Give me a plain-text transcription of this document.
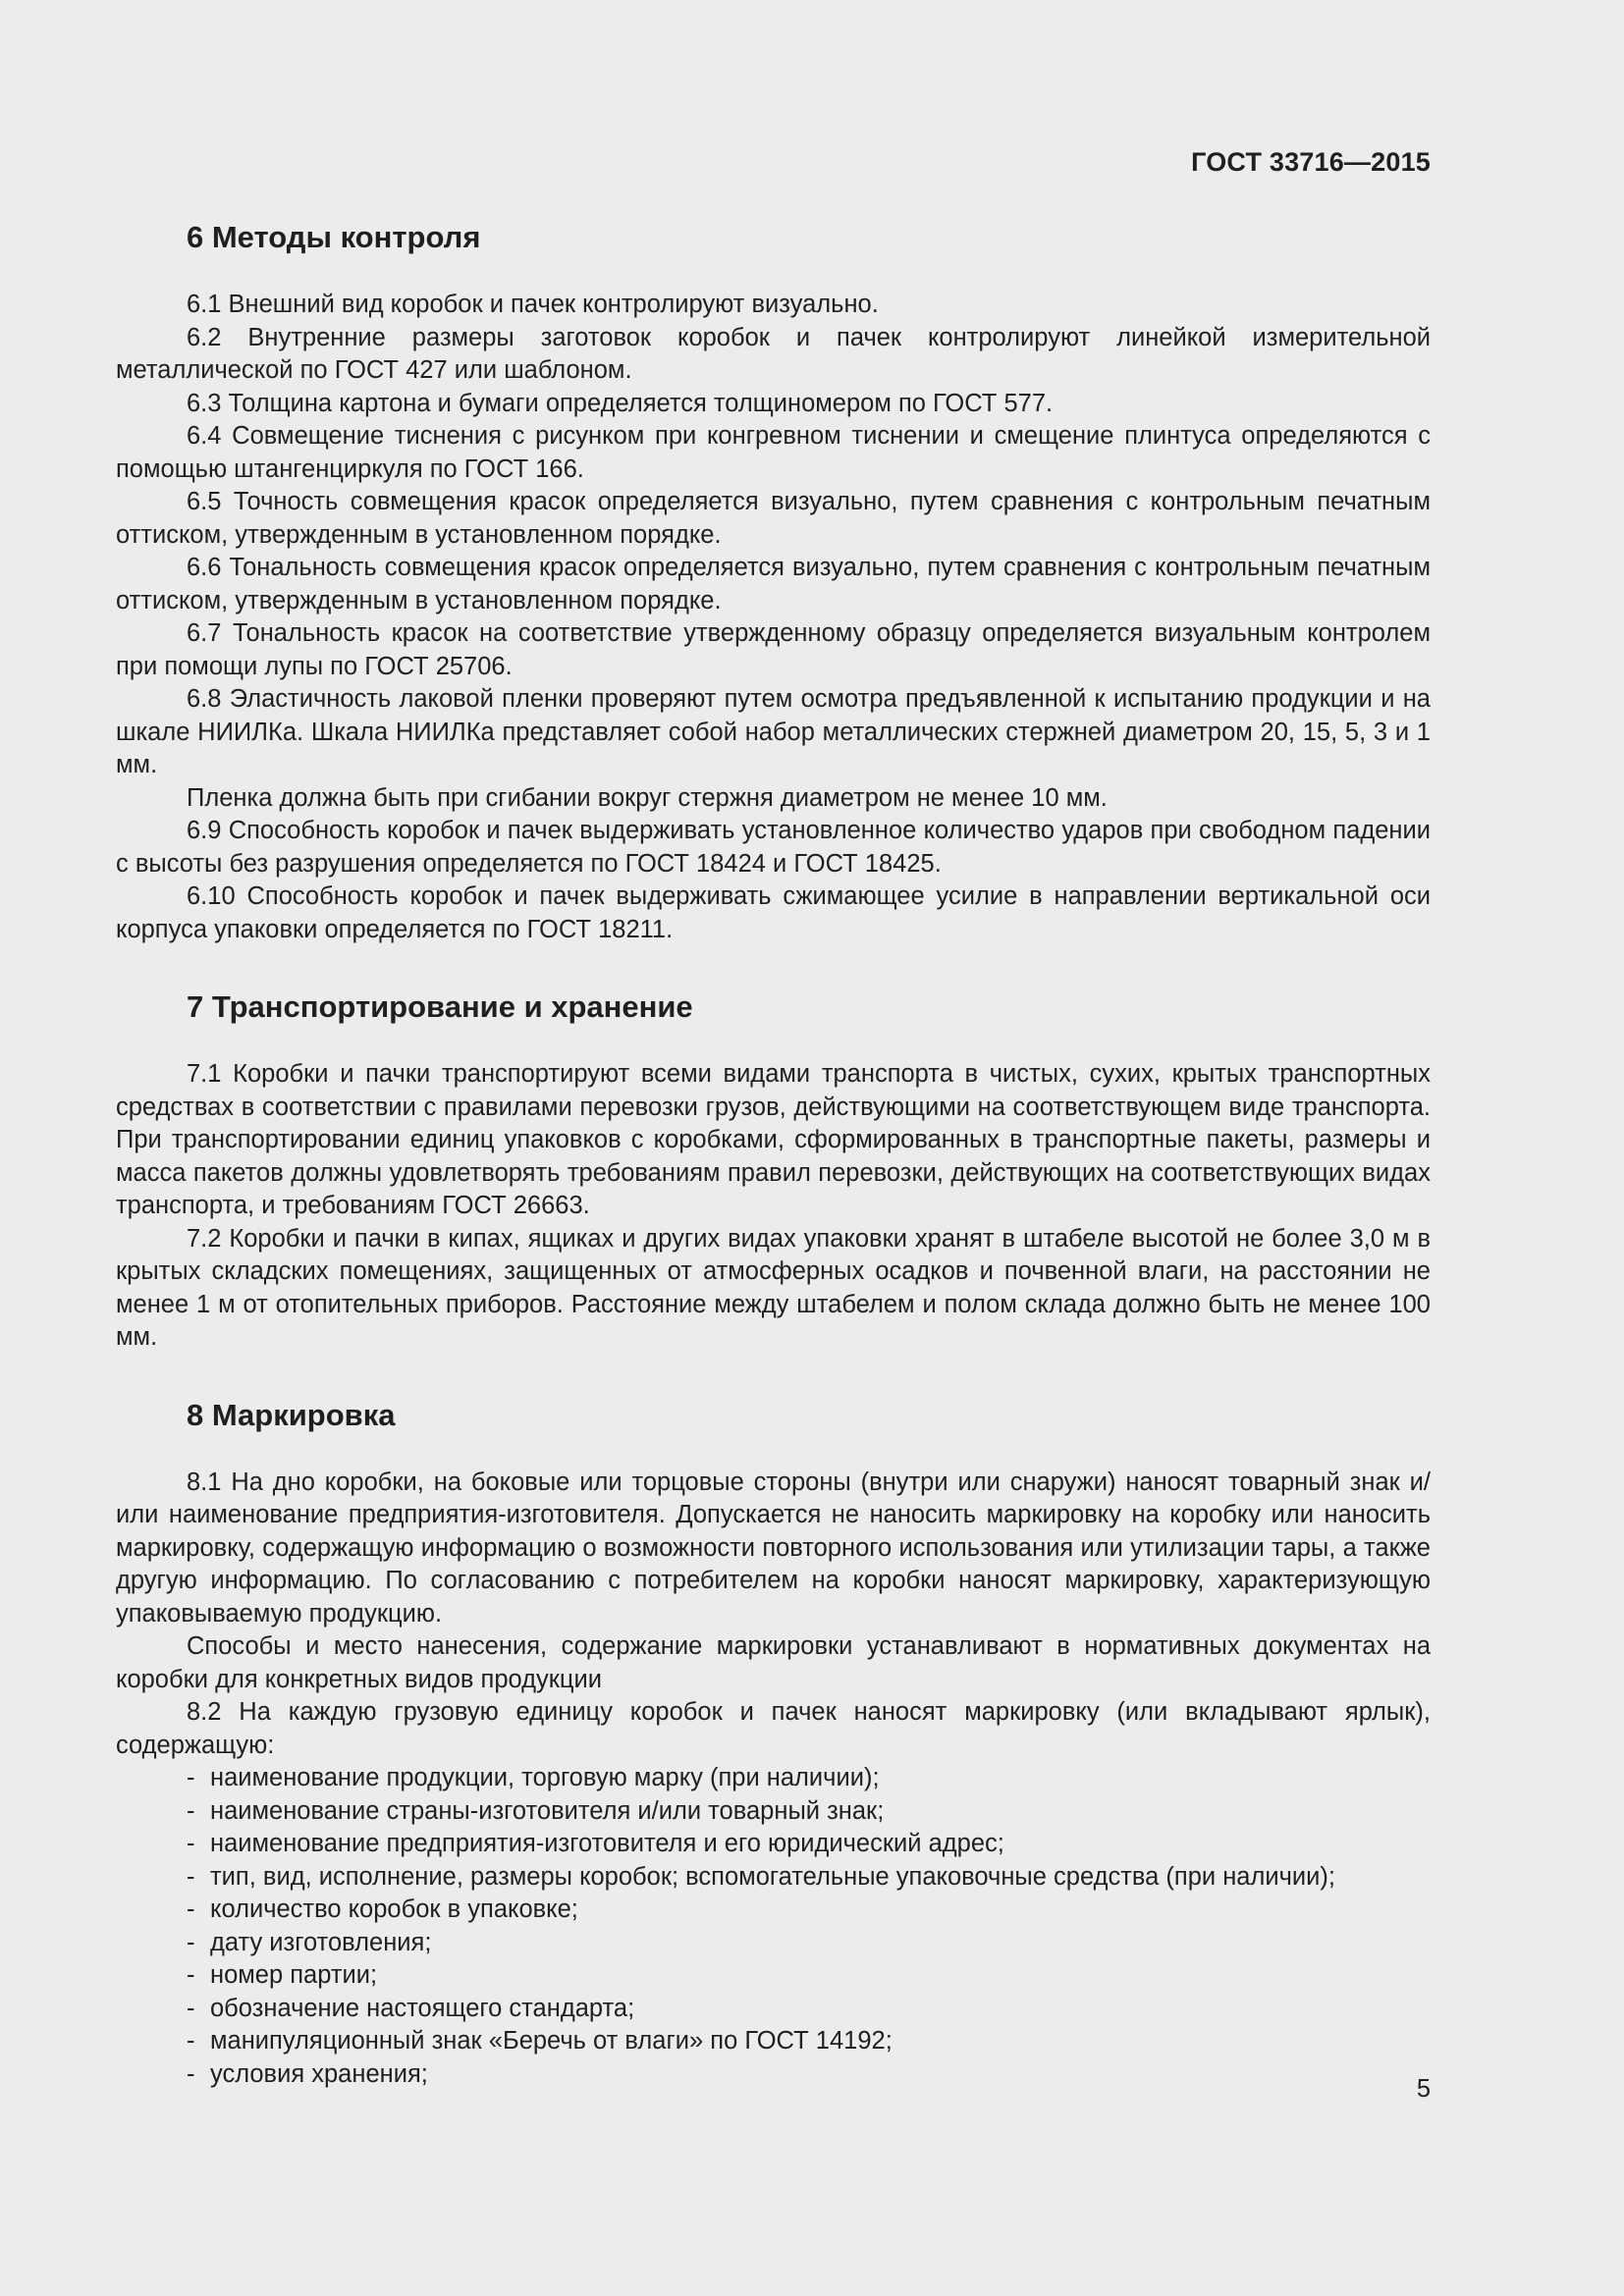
ГОСТ 33716—2015
6 Методы контроля

6.1 Внешний вид коробок и пачек контролируют визуально.

6.2 Внутренние размеры заготовок коробок и пачек контролируют линейкой измерительной металлической по ГОСТ 427 или шаблоном.

6.3 Толщина картона и бумаги определяется толщиномером по ГОСТ 577.

6.4 Совмещение тиснения с рисунком при конгревном тиснении и смещение плинтуса определяются с помощью штангенциркуля по ГОСТ 166.

6.5 Точность совмещения красок определяется визуально, путем сравнения с контрольным печатным оттиском, утвержденным в установленном порядке.

6.6 Тональность совмещения красок определяется визуально, путем сравнения с контрольным печатным оттиском, утвержденным в установленном порядке.

6.7 Тональность красок на соответствие утвержденному образцу определяется визуальным контролем при помощи лупы по ГОСТ 25706.

6.8 Эластичность лаковой пленки проверяют путем осмотра предъявленной к испытанию продукции и на шкале НИИЛКа. Шкала НИИЛКа представляет собой набор металлических стержней диаметром 20, 15, 5, 3 и 1 мм.

Пленка должна быть при сгибании вокруг стержня диаметром не менее 10 мм.

6.9 Способность коробок и пачек выдерживать установленное количество ударов при свободном падении с высоты без разрушения определяется по ГОСТ 18424 и ГОСТ 18425.

6.10 Способность коробок и пачек выдерживать сжимающее усилие в направлении вертикальной оси корпуса упаковки определяется по ГОСТ 18211.

7 Транспортирование и хранение

7.1 Коробки и пачки транспортируют всеми видами транспорта в чистых, сухих, крытых транспортных средствах в соответствии с правилами перевозки грузов, действующими на соответствующем виде транспорта. При транспортировании единиц упаковков с коробками, сформированных в транспортные пакеты, размеры и масса пакетов должны удовлетворять требованиям правил перевозки, действующих на соответствующих видах транспорта, и требованиям ГОСТ 26663.

7.2 Коробки и пачки в кипах, ящиках и других видах упаковки хранят в штабеле высотой не более 3,0 м в крытых складских помещениях, защищенных от атмосферных осадков и почвенной влаги, на расстоянии не менее 1 м от отопительных приборов. Расстояние между штабелем и полом склада должно быть не менее 100 мм.

8 Маркировка

8.1 На дно коробки, на боковые или торцовые стороны (внутри или снаружи) наносят товарный знак и/или наименование предприятия-изготовителя. Допускается не наносить маркировку на коробку или наносить маркировку, содержащую информацию о возможности повторного использования или утилизации тары, а также другую информацию. По согласованию с потребителем на коробки наносят маркировку, характеризующую упаковываемую продукцию.

Способы и место нанесения, содержание маркировки устанавливают в нормативных документах на коробки для конкретных видов продукции

8.2 На каждую грузовую единицу коробок и пачек наносят маркировку (или вкладывают ярлык), содержащую:

- наименование продукции, торговую марку (при наличии);
- наименование страны-изготовителя и/или товарный знак;
- наименование предприятия-изготовителя и его юридический адрес;
- тип, вид, исполнение, размеры коробок; вспомогательные упаковочные средства (при наличии);
- количество коробок в упаковке;
- дату изготовления;
- номер партии;
- обозначение настоящего стандарта;
- манипуляционный знак «Беречь от влаги» по ГОСТ 14192;
- условия хранения;
5
